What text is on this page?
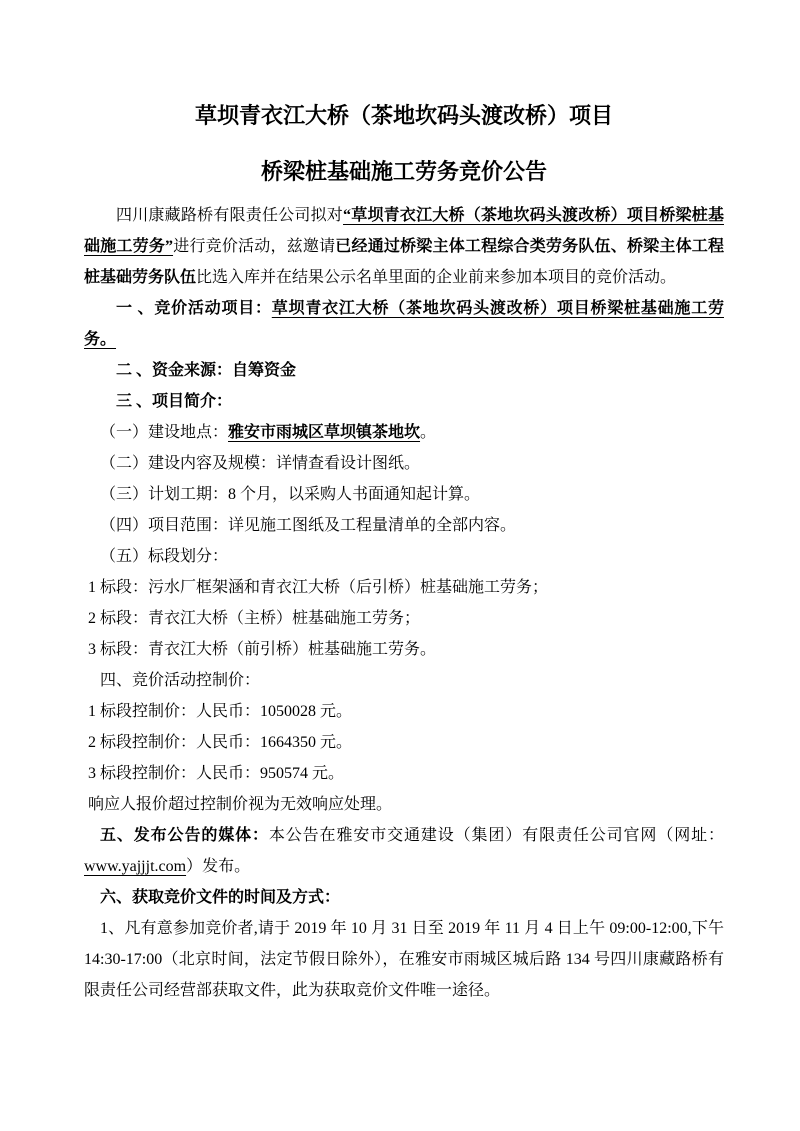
草坝青衣江大桥（茶地坎码头渡改桥）项目
桥梁桩基础施工劳务竞价公告

四川康藏路桥有限责任公司拟对“草坝青衣江大桥（茶地坎码头渡改桥）项目桥梁桩基础施工劳务”进行竞价活动，兹邀请已经通过桥梁主体工程综合类劳务队伍、桥梁主体工程桩基础劳务队伍比选入库并在结果公示名单里面的企业前来参加本项目的竞价活动。

一 、竞价活动项目：草坝青衣江大桥（茶地坎码头渡改桥）项目桥梁桩基础施工劳务。

二 、资金来源：自筹资金

三 、项目简介：

（一）建设地点：雅安市雨城区草坝镇茶地坎。

（二）建设内容及规模：详情查看设计图纸。

（三）计划工期：8 个月，以采购人书面通知起计算。

（四）项目范围：详见施工图纸及工程量清单的全部内容。

（五）标段划分：

1 标段：污水厂框架涵和青衣江大桥（后引桥）桩基础施工劳务；

2 标段：青衣江大桥（主桥）桩基础施工劳务；

3 标段：青衣江大桥（前引桥）桩基础施工劳务。

四、竞价活动控制价：

1 标段控制价：人民币：1050028 元。

2 标段控制价：人民币：1664350 元。

3 标段控制价：人民币：950574 元。

响应人报价超过控制价视为无效响应处理。

五、发布公告的媒体：本公告在雅安市交通建设（集团）有限责任公司官网（网址：www.yajjjt.com）发布。

六、获取竞价文件的时间及方式：

1、凡有意参加竞价者,请于 2019 年 10 月 31 日至 2019 年 11 月 4 日上午 09:00-12:00,下午 14:30-17:00（北京时间，法定节假日除外），在雅安市雨城区城后路 134 号四川康藏路桥有限责任公司经营部获取文件，此为获取竞价文件唯一途径。
